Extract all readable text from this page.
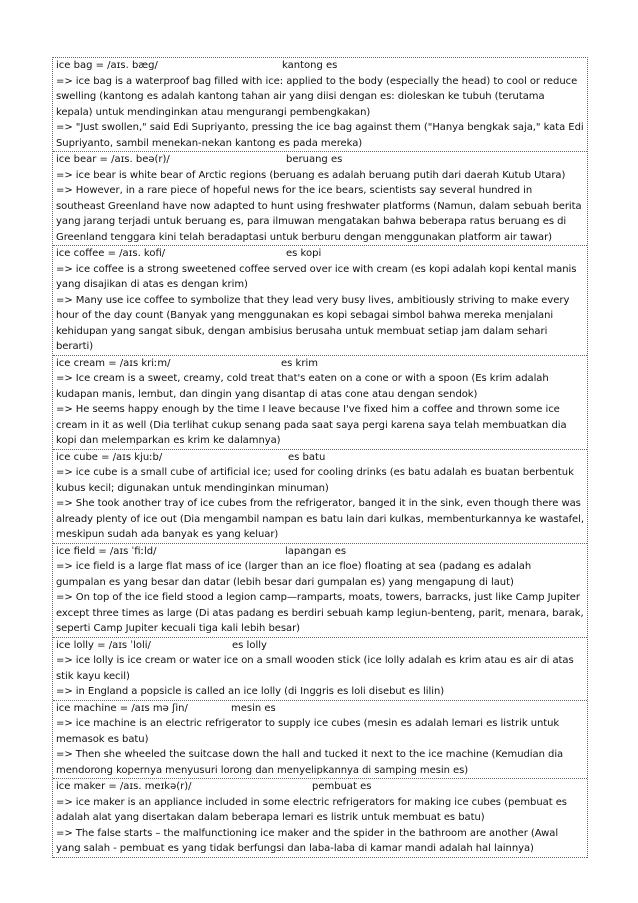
ice bag = /aɪs. bæg/	kantong es

=> ice bag is a waterproof bag filled with ice: applied to the body (especially the head) to cool or reduce swelling (kantong es adalah kantong tahan air yang diisi dengan es: dioleskan ke tubuh (terutama kepala) untuk mendinginkan atau mengurangi pembengkakan)

=> "Just swollen," said Edi Supriyanto, pressing the ice bag against them ("Hanya bengkak saja," kata Edi Supriyanto, sambil menekan-nekan kantong es pada mereka)

ice bear = /aɪs. beə(r)/	beruang es

=> ice bear is white bear of Arctic regions (beruang es adalah beruang putih dari daerah Kutub Utara)

=> However, in a rare piece of hopeful news for the ice bears, scientists say several hundred in southeast Greenland have now adapted to hunt using freshwater platforms (Namun, dalam sebuah berita yang jarang terjadi untuk beruang es, para ilmuwan mengatakan bahwa beberapa ratus beruang es di Greenland tenggara kini telah beradaptasi untuk berburu dengan menggunakan platform air tawar)

ice coffee = /aɪs. kofi/	es kopi

=> ice coffee is a strong sweetened coffee served over ice with cream (es kopi adalah kopi kental manis yang disajikan di atas es dengan krim)

=> Many use ice coffee to symbolize that they lead very busy lives, ambitiously striving to make every hour of the day count (Banyak yang menggunakan es kopi sebagai simbol bahwa mereka menjalani kehidupan yang sangat sibuk, dengan ambisius berusaha untuk membuat setiap jam dalam sehari berarti)

ice cream = /aɪs kriːm/	es krim

=> Ice cream is a sweet, creamy, cold treat that's eaten on a cone or with a spoon (Es krim adalah kudapan manis, lembut, dan dingin yang disantap di atas cone atau dengan sendok)

=> He seems happy enough by the time I leave because I've fixed him a coffee and thrown some ice cream in it as well (Dia terlihat cukup senang pada saat saya pergi karena saya telah membuatkan dia kopi dan melemparkan es krim ke dalamnya)

ice cube = /aɪs kjuːb/	es batu

=> ice cube is a small cube of artificial ice; used for cooling drinks (es batu adalah es buatan berbentuk kubus kecil; digunakan untuk mendinginkan minuman)

=> She took another tray of ice cubes from the refrigerator, banged it in the sink, even though there was already plenty of ice out (Dia mengambil nampan es batu lain dari kulkas, membenturkannya ke wastafel, meskipun sudah ada banyak es yang keluar)

ice field = /aɪs ˈfiːld/	lapangan es

=> ice field is a large flat mass of ice (larger than an ice floe) floating at sea (padang es adalah gumpalan es yang besar dan datar (lebih besar dari gumpalan es) yang mengapung di laut)

=> On top of the ice field stood a legion camp—ramparts, moats, towers, barracks, just like Camp Jupiter except three times as large (Di atas padang es berdiri sebuah kamp legiun-benteng, parit, menara, barak, seperti Camp Jupiter kecuali tiga kali lebih besar)

ice lolly = /aɪs ˈloli/	es lolly

=> ice lolly is ice cream or water ice on a small wooden stick (ice lolly adalah es krim atau es air di atas stik kayu kecil)

=> in England a popsicle is called an ice lolly (di Inggris es loli disebut es lilin)

ice machine = /aɪs mə ʃin/	mesin es

=> ice machine is an electric refrigerator to supply ice cubes (mesin es adalah lemari es listrik untuk memasok es batu)

=> Then she wheeled the suitcase down the hall and tucked it next to the ice machine (Kemudian dia mendorong kopernya menyusuri lorong dan menyelipkannya di samping mesin es)

ice maker = /aɪs. meɪkə(r)/	pembuat es

=> ice maker is an appliance included in some electric refrigerators for making ice cubes (pembuat es adalah alat yang disertakan dalam beberapa lemari es listrik untuk membuat es batu)

=> The false starts – the malfunctioning ice maker and the spider in the bathroom are another (Awal yang salah - pembuat es yang tidak berfungsi dan laba-laba di kamar mandi adalah hal lainnya)
